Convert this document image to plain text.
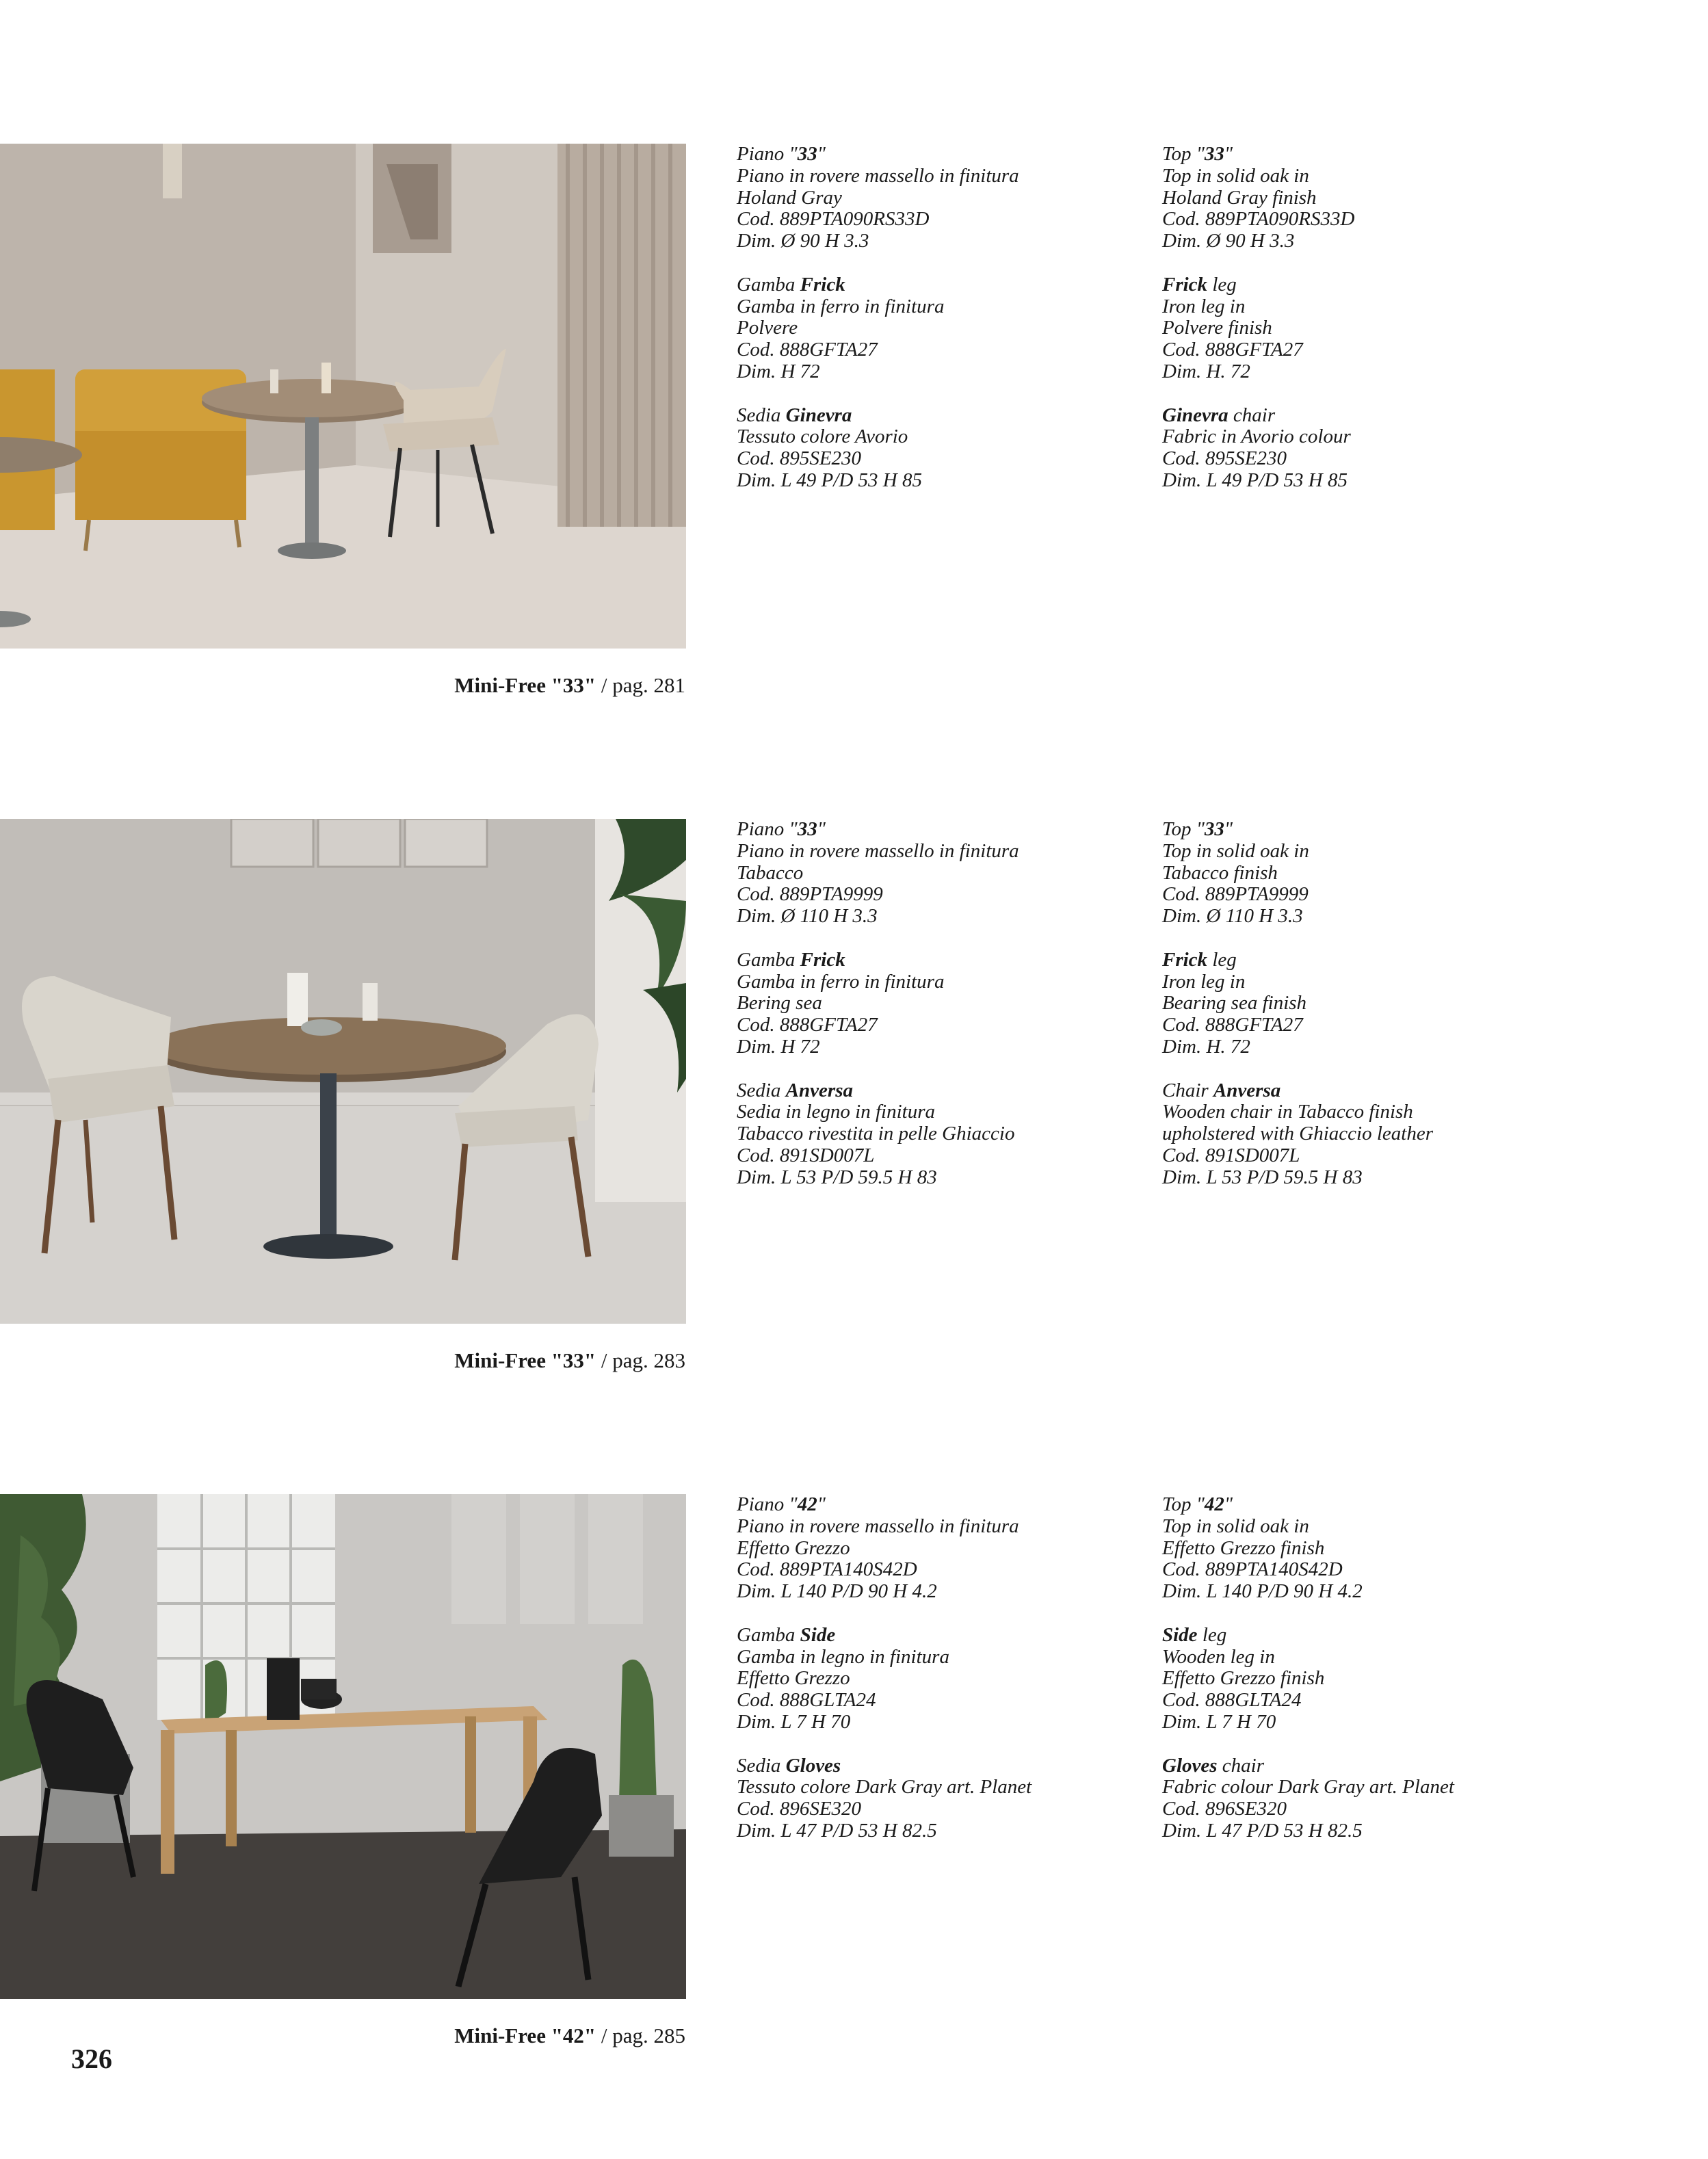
Mini-Free "33" / pag. 281
Piano "33"
Piano in rovere massello in finitura
Holand Gray
Cod. 889PTA090RS33D
Dim. Ø 90 H 3.3
Gamba Frick
Gamba in ferro in finitura
Polvere
Cod. 888GFTA27
Dim. H 72
Sedia Ginevra
Tessuto colore Avorio
Cod. 895SE230
Dim. L 49 P/D 53 H 85
Top "33"
Top in solid oak in
Holand Gray finish
Cod. 889PTA090RS33D
Dim. Ø 90 H 3.3
Frick leg
Iron leg in
Polvere finish
Cod. 888GFTA27
Dim. H. 72
Ginevra chair
Fabric in Avorio colour
Cod. 895SE230
Dim. L 49 P/D 53 H 85
Mini-Free "33" / pag. 283
Piano "33"
Piano in rovere massello in finitura
Tabacco
Cod. 889PTA9999
Dim. Ø 110 H 3.3
Gamba Frick
Gamba in ferro in finitura
Bering sea
Cod. 888GFTA27
Dim. H 72
Sedia Anversa
Sedia in legno in finitura
Tabacco rivestita in pelle Ghiaccio
Cod. 891SD007L
Dim. L 53 P/D 59.5 H 83
Top "33"
Top in solid oak in
Tabacco finish
Cod. 889PTA9999
Dim. Ø 110 H 3.3
Frick leg
Iron leg in
Bearing sea finish
Cod. 888GFTA27
Dim. H. 72
Chair Anversa
Wooden chair in Tabacco finish
upholstered with Ghiaccio leather
Cod. 891SD007L
Dim. L 53 P/D 59.5 H 83
Mini-Free "42" / pag. 285
Piano "42"
Piano in rovere massello in finitura
Effetto Grezzo
Cod. 889PTA140S42D
Dim. L 140 P/D 90 H 4.2
Gamba Side
Gamba in legno in finitura
Effetto Grezzo
Cod. 888GLTA24
Dim. L 7 H 70
Sedia Gloves
Tessuto colore Dark Gray art. Planet
Cod. 896SE320
Dim. L 47 P/D 53 H 82.5
Top "42"
Top in solid oak in
Effetto Grezzo finish
Cod. 889PTA140S42D
Dim. L 140 P/D 90 H 4.2
Side leg
Wooden leg in
Effetto Grezzo finish
Cod. 888GLTA24
Dim. L 7 H 70
Gloves chair
Fabric colour Dark Gray art. Planet
Cod. 896SE320
Dim. L 47 P/D 53 H 82.5
326
